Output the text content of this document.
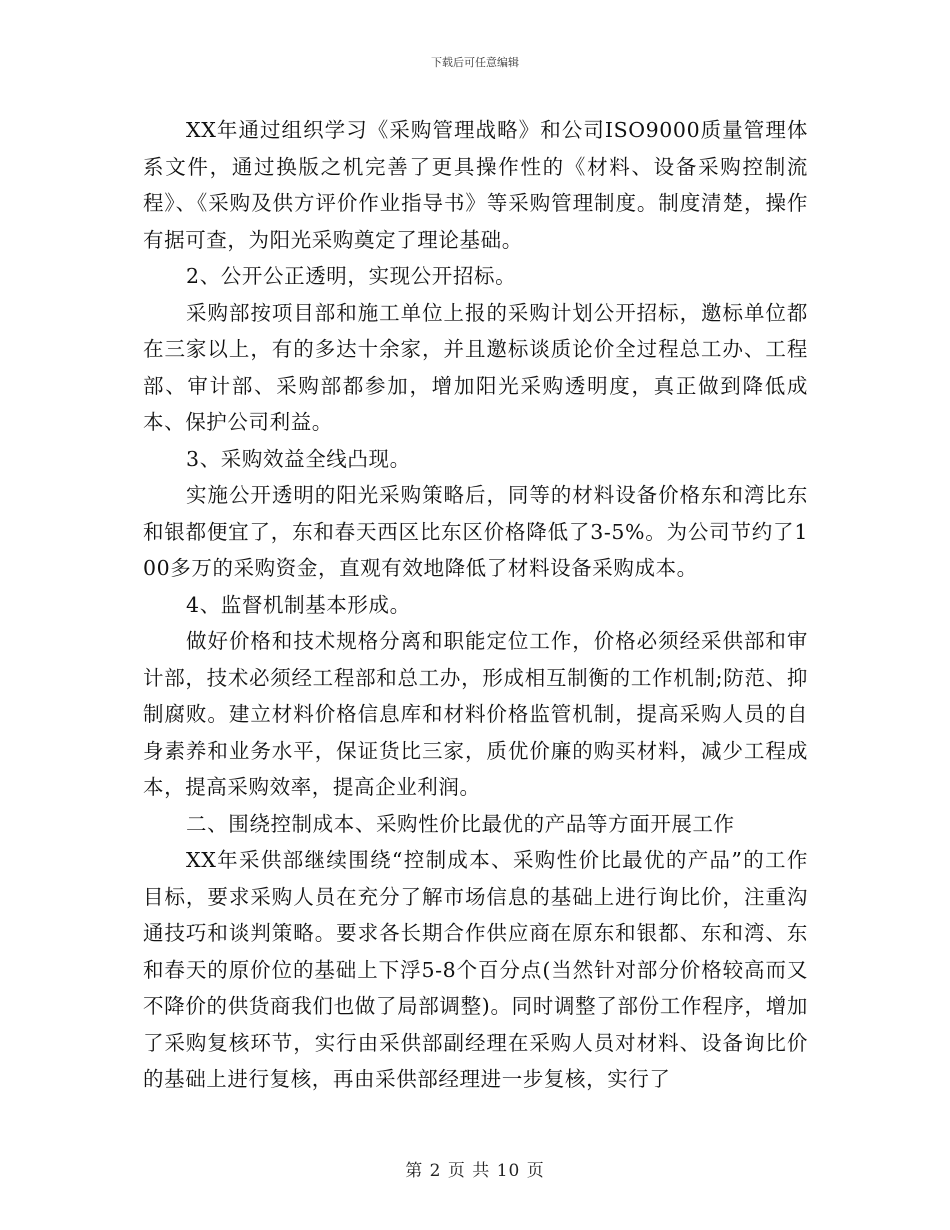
下载后可任意编辑

XX年通过组织学习《采购管理战略》和公司ISO9000质量管理体系文件，通过换版之机完善了更具操作性的《材料、设备采购控制流程》、《采购及供方评价作业指导书》等采购管理制度。制度清楚，操作有据可查，为阳光采购奠定了理论基础。

2、公开公正透明，实现公开招标。

采购部按项目部和施工单位上报的采购计划公开招标，邀标单位都在三家以上，有的多达十余家，并且邀标谈质论价全过程总工办、工程部、审计部、采购部都参加，增加阳光采购透明度，真正做到降低成本、保护公司利益。

3、采购效益全线凸现。

实施公开透明的阳光采购策略后，同等的材料设备价格东和湾比东和银都便宜了，东和春天西区比东区价格降低了3-5%。为公司节约了100多万的采购资金，直观有效地降低了材料设备采购成本。

4、监督机制基本形成。

做好价格和技术规格分离和职能定位工作，价格必须经采供部和审计部，技术必须经工程部和总工办，形成相互制衡的工作机制;防范、抑制腐败。建立材料价格信息库和材料价格监管机制，提高采购人员的自身素养和业务水平，保证货比三家，质优价廉的购买材料，减少工程成本，提高采购效率，提高企业利润。

二、围绕控制成本、采购性价比最优的产品等方面开展工作

XX年采供部继续围绕“控制成本、采购性价比最优的产品”的工作目标，要求采购人员在充分了解市场信息的基础上进行询比价，注重沟通技巧和谈判策略。要求各长期合作供应商在原东和银都、东和湾、东和春天的原价位的基础上下浮5-8个百分点(当然针对部分价格较高而又不降价的供货商我们也做了局部调整)。同时调整了部份工作程序，增加了采购复核环节，实行由采供部副经理在采购人员对材料、设备询比价的基础上进行复核，再由采供部经理进一步复核，实行了

第 2 页 共 10 页
